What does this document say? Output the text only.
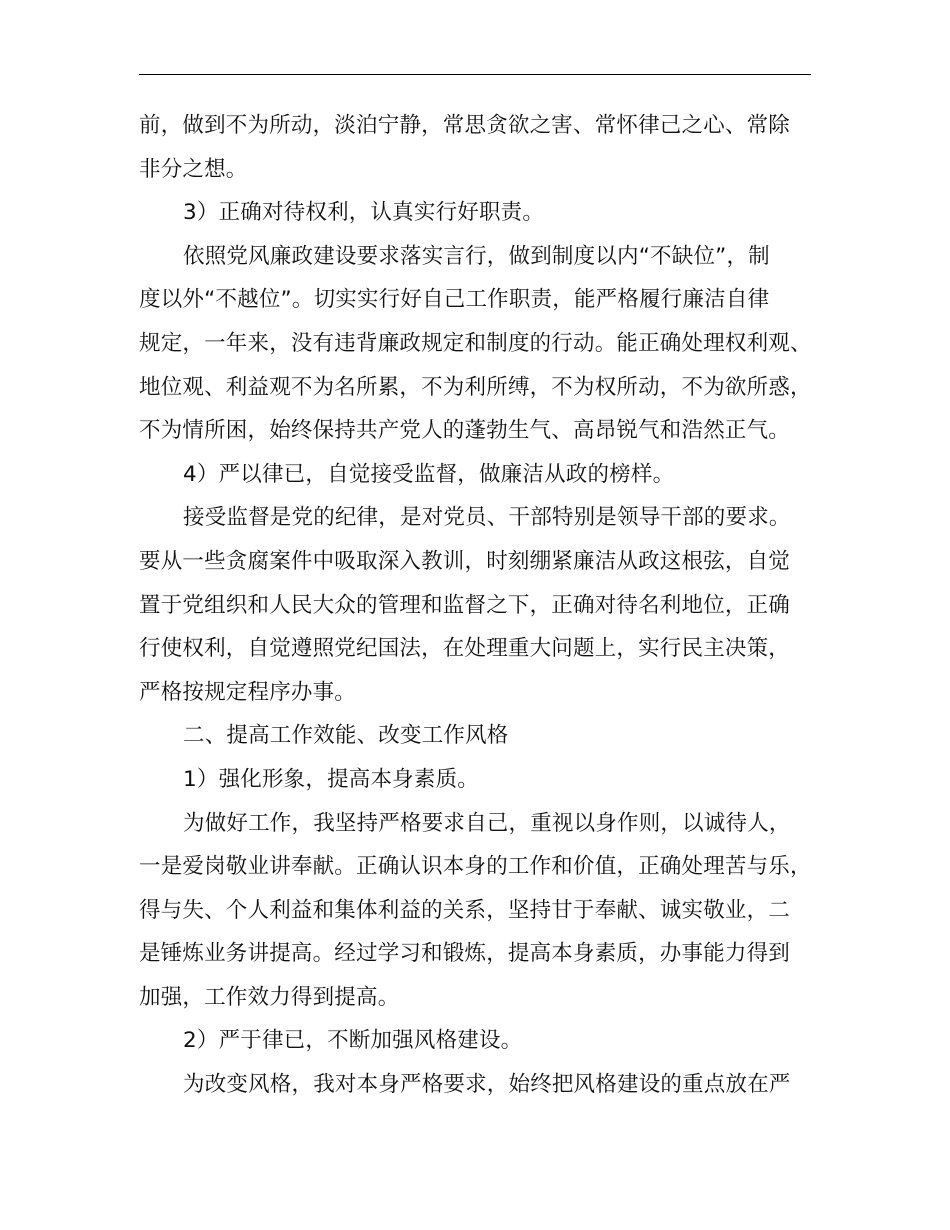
前，做到不为所动，淡泊宁静，常思贪欲之害、常怀律己之心、常除
非分之想。
3）正确对待权利，认真实行好职责。
依照党风廉政建设要求落实言行，做到制度以内“不缺位”，制
度以外“不越位”。切实实行好自己工作职责，能严格履行廉洁自律
规定，一年来，没有违背廉政规定和制度的行动。能正确处理权利观、
地位观、利益观不为名所累，不为利所缚，不为权所动，不为欲所惑，
不为情所困，始终保持共产党人的蓬勃生气、高昂锐气和浩然正气。
4）严以律已，自觉接受监督，做廉洁从政的榜样。
接受监督是党的纪律，是对党员、干部特别是领导干部的要求。
要从一些贪腐案件中吸取深入教训，时刻绷紧廉洁从政这根弦，自觉
置于党组织和人民大众的管理和监督之下，正确对待名利地位，正确
行使权利，自觉遵照党纪国法，在处理重大问题上，实行民主决策，
严格按规定程序办事。
二、提高工作效能、改变工作风格
1）强化形象，提高本身素质。
为做好工作，我坚持严格要求自己，重视以身作则，以诚待人，
一是爱岗敬业讲奉献。正确认识本身的工作和价值，正确处理苦与乐，
得与失、个人利益和集体利益的关系，坚持甘于奉献、诚实敬业，二
是锤炼业务讲提高。经过学习和锻炼，提高本身素质，办事能力得到
加强，工作效力得到提高。
2）严于律已，不断加强风格建设。
为改变风格，我对本身严格要求，始终把风格建设的重点放在严
